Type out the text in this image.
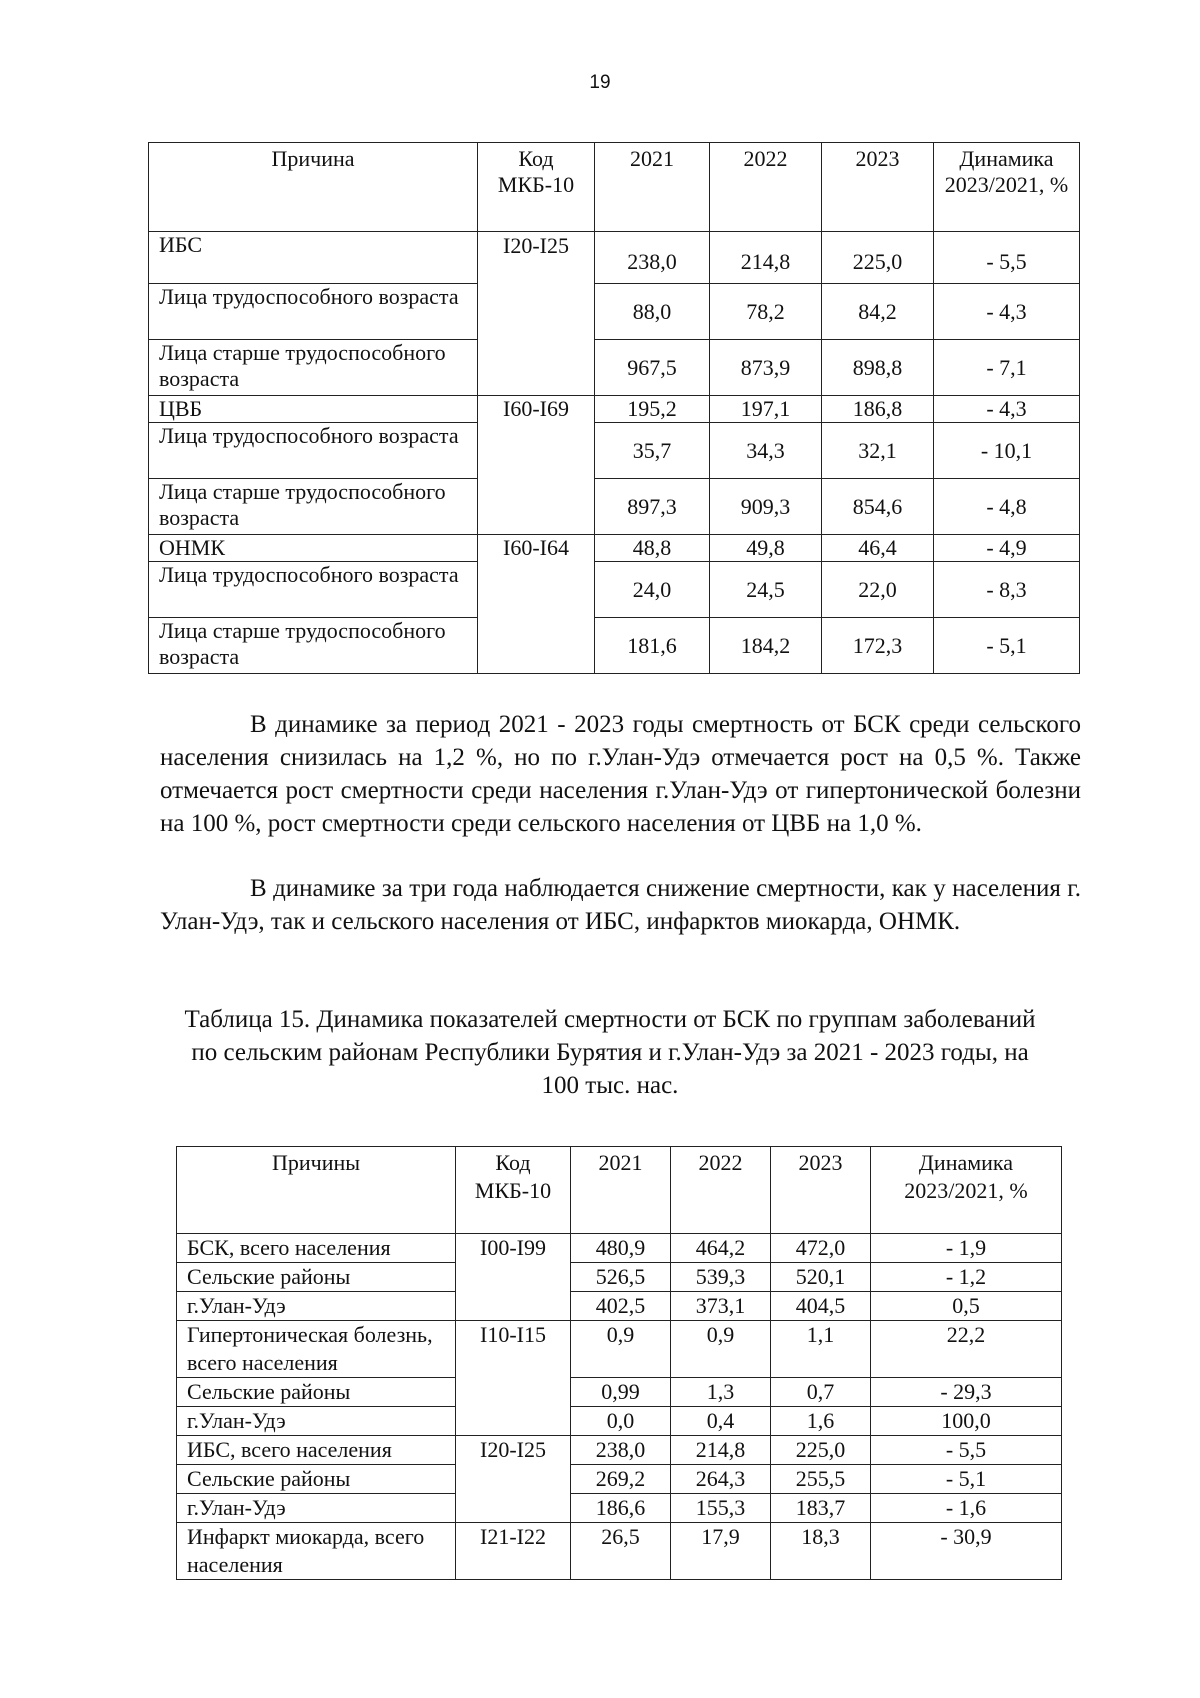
19
Причина	Код МКБ-10	2021	2022	2023	Динамика 2023/2021, %
ИБС	I20-I25	238,0	214,8	225,0	- 5,5
Лица трудоспособного возраста		88,0	78,2	84,2	- 4,3
Лица старше трудоспособного возраста		967,5	873,9	898,8	- 7,1
ЦВБ	I60-I69	195,2	197,1	186,8	- 4,3
Лица трудоспособного возраста		35,7	34,3	32,1	- 10,1
Лица старше трудоспособного возраста		897,3	909,3	854,6	- 4,8
ОНМК	I60-I64	48,8	49,8	46,4	- 4,9
Лица трудоспособного возраста		24,0	24,5	22,0	- 8,3
Лица старше трудоспособного возраста		181,6	184,2	172,3	- 5,1

В динамике за период 2021 - 2023 годы смертность от БСК среди сельского населения снизилась на 1,2 %, но по г.Улан-Удэ отмечается рост на 0,5 %. Также отмечается рост смертности среди населения г.Улан-Удэ от гипертонической болезни на 100 %, рост смертности среди сельского населения от ЦВБ на 1,0 %.

В динамике за три года наблюдается снижение смертности, как у населения г. Улан-Удэ, так и сельского населения от ИБС, инфарктов миокарда, ОНМК.

Таблица 15. Динамика показателей смертности от БСК по группам заболеваний по сельским районам Республики Бурятия и г.Улан-Удэ за 2021 - 2023 годы, на 100 тыс. нас.

Причины	Код МКБ-10	2021	2022	2023	Динамика 2023/2021, %
БСК, всего населения	I00-I99	480,9	464,2	472,0	- 1,9
Сельские районы		526,5	539,3	520,1	- 1,2
г.Улан-Удэ		402,5	373,1	404,5	0,5
Гипертоническая болезнь, всего населения	I10-I15	0,9	0,9	1,1	22,2
Сельские районы		0,99	1,3	0,7	- 29,3
г.Улан-Удэ		0,0	0,4	1,6	100,0
ИБС, всего населения	I20-I25	238,0	214,8	225,0	- 5,5
Сельские районы		269,2	264,3	255,5	- 5,1
г.Улан-Удэ		186,6	155,3	183,7	- 1,6
Инфаркт миокарда, всего населения	I21-I22	26,5	17,9	18,3	- 30,9
